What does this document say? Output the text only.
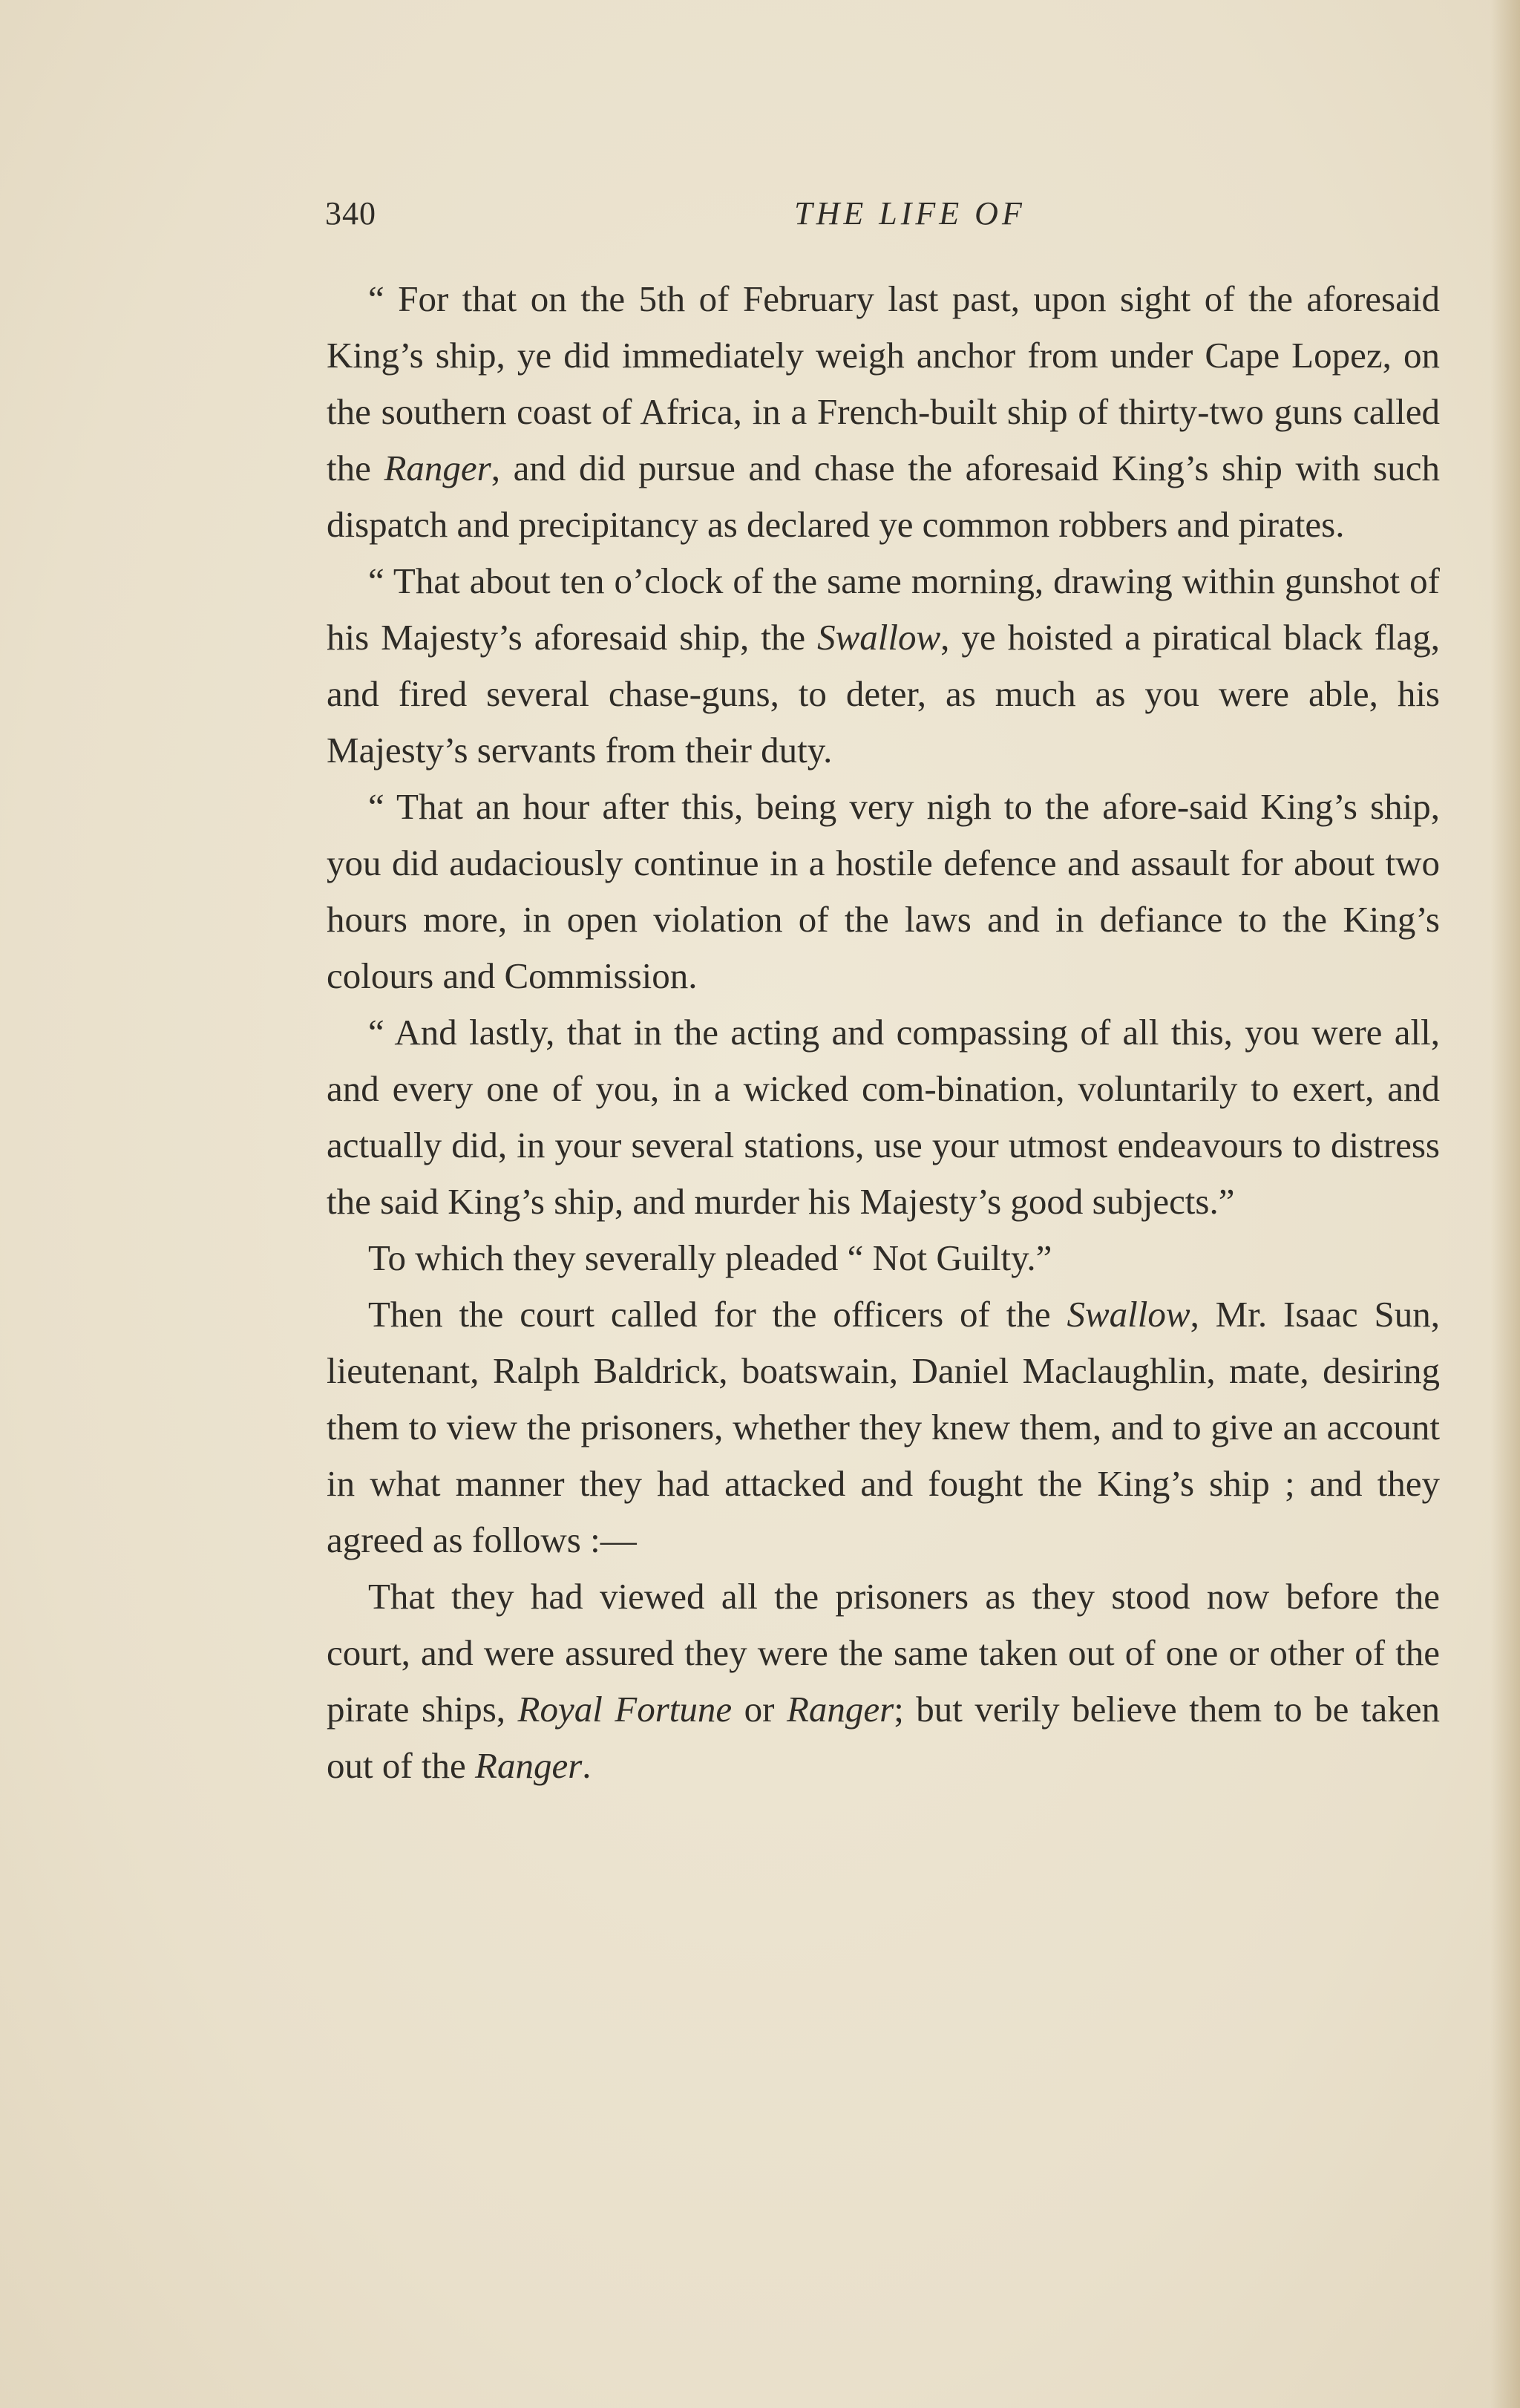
340	THE LIFE OF

“ For that on the 5th of February last past, upon sight of the aforesaid King’s ship, ye did immediately weigh anchor from under Cape Lopez, on the southern coast of Africa, in a French-built ship of thirty-two guns called the Ranger, and did pursue and chase the aforesaid King’s ship with such dispatch and precipitancy as declared ye common robbers and pirates.

“ That about ten o’clock of the same morning, drawing within gunshot of his Majesty’s aforesaid ship, the Swallow, ye hoisted a piratical black flag, and fired several chase-guns, to deter, as much as you were able, his Majesty’s servants from their duty.

“ That an hour after this, being very nigh to the afore-said King’s ship, you did audaciously continue in a hostile defence and assault for about two hours more, in open violation of the laws and in defiance to the King’s colours and Commission.

“ And lastly, that in the acting and compassing of all this, you were all, and every one of you, in a wicked com-bination, voluntarily to exert, and actually did, in your several stations, use your utmost endeavours to distress the said King’s ship, and murder his Majesty’s good subjects.”

To which they severally pleaded “ Not Guilty.”

Then the court called for the officers of the Swallow, Mr. Isaac Sun, lieutenant, Ralph Baldrick, boatswain, Daniel Maclaughlin, mate, desiring them to view the prisoners, whether they knew them, and to give an account in what manner they had attacked and fought the King’s ship ; and they agreed as follows :—

That they had viewed all the prisoners as they stood now before the court, and were assured they were the same taken out of one or other of the pirate ships, Royal Fortune or Ranger; but verily believe them to be taken out of the Ranger.
